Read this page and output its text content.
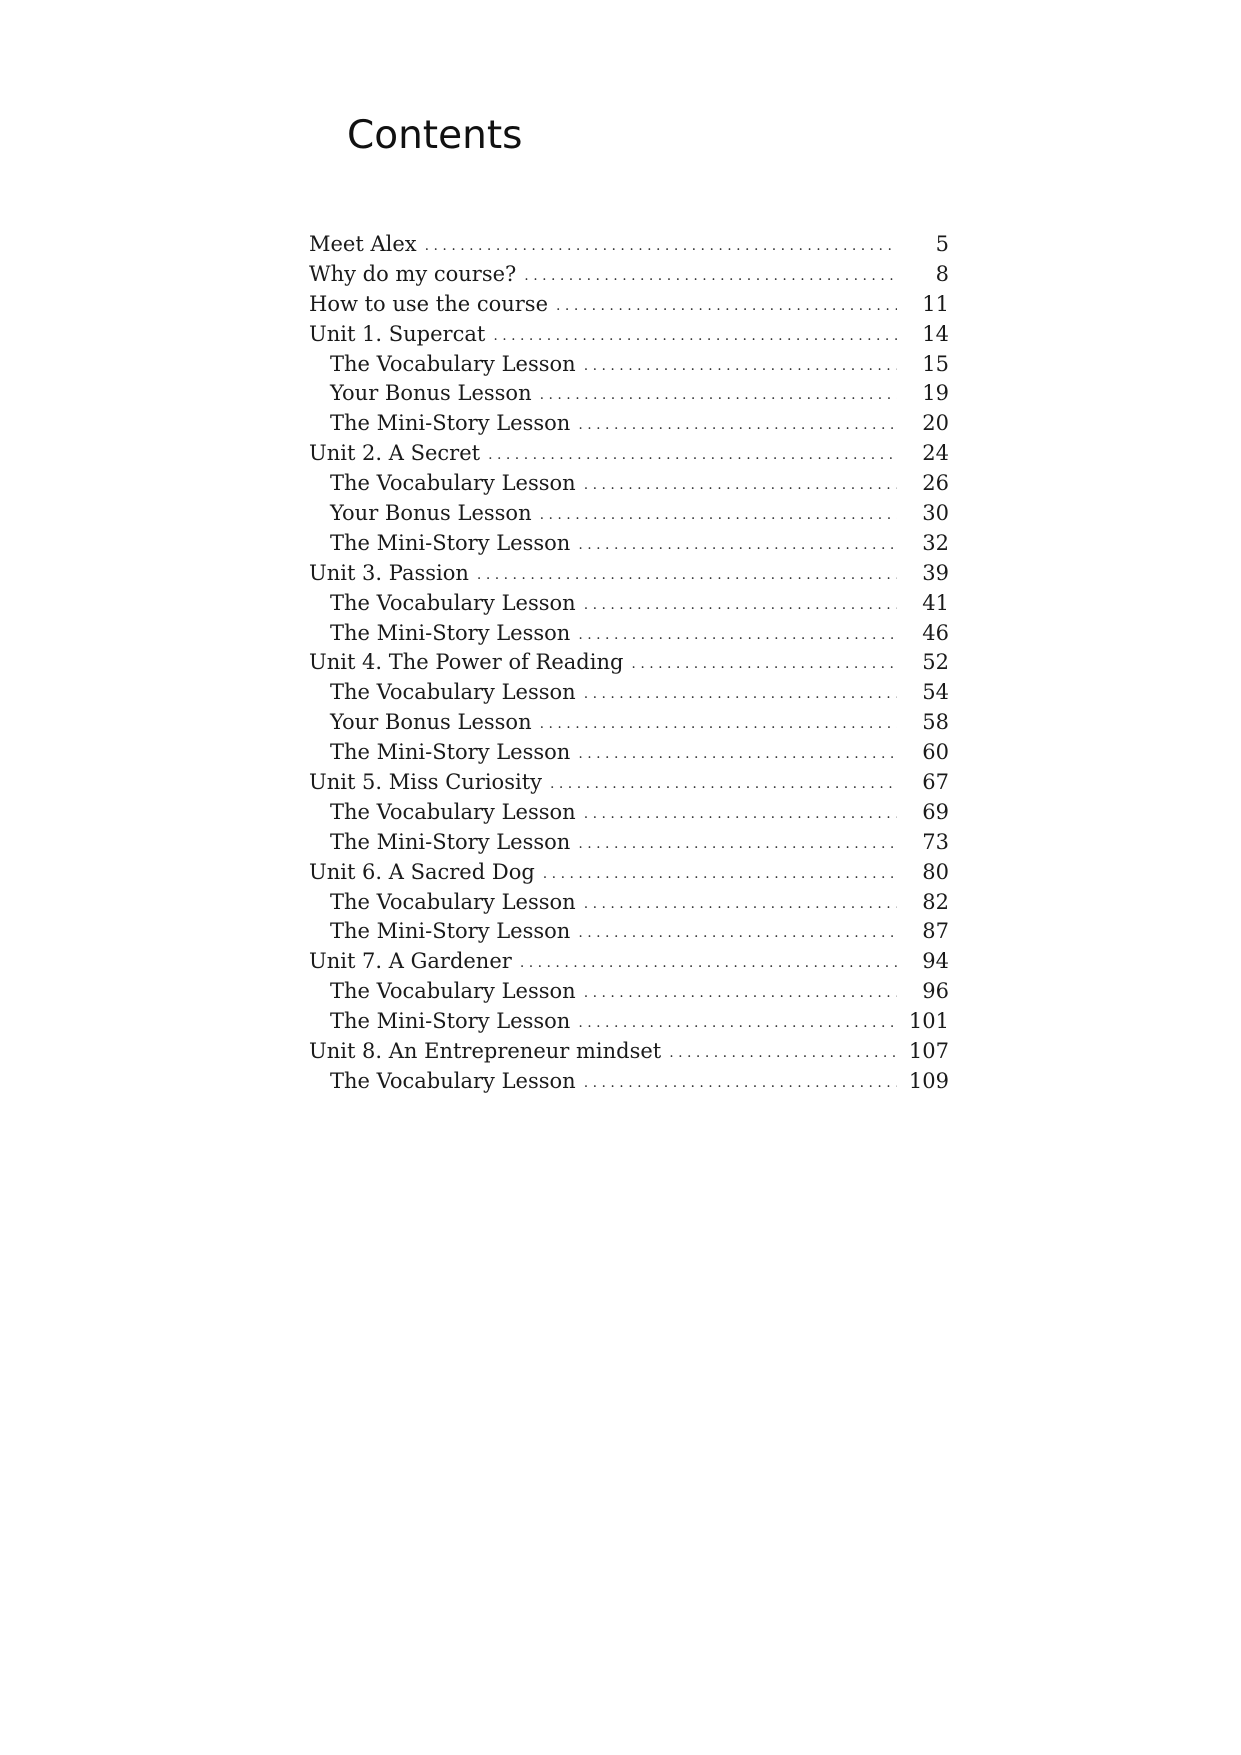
Contents
Meet Alex . . .	5
Why do my course? . . .	8
How to use the course . . .	11
Unit 1. Supercat . . .	14
The Vocabulary Lesson . . .	15
Your Bonus Lesson . . .	19
The Mini-Story Lesson . . .	20
Unit 2. A Secret . . .	24
The Vocabulary Lesson . . .	26
Your Bonus Lesson . . .	30
The Mini-Story Lesson . . .	32
Unit 3. Passion . . .	39
The Vocabulary Lesson . . .	41
The Mini-Story Lesson . . .	46
Unit 4. The Power of Reading . . .	52
The Vocabulary Lesson . . .	54
Your Bonus Lesson . . .	58
The Mini-Story Lesson . . .	60
Unit 5. Miss Curiosity . . .	67
The Vocabulary Lesson . . .	69
The Mini-Story Lesson . . .	73
Unit 6. A Sacred Dog . . .	80
The Vocabulary Lesson . . .	82
The Mini-Story Lesson . . .	87
Unit 7. A Gardener . . .	94
The Vocabulary Lesson . . .	96
The Mini-Story Lesson . . .	101
Unit 8. An Entrepreneur mindset . . .	107
The Vocabulary Lesson . . .	109
